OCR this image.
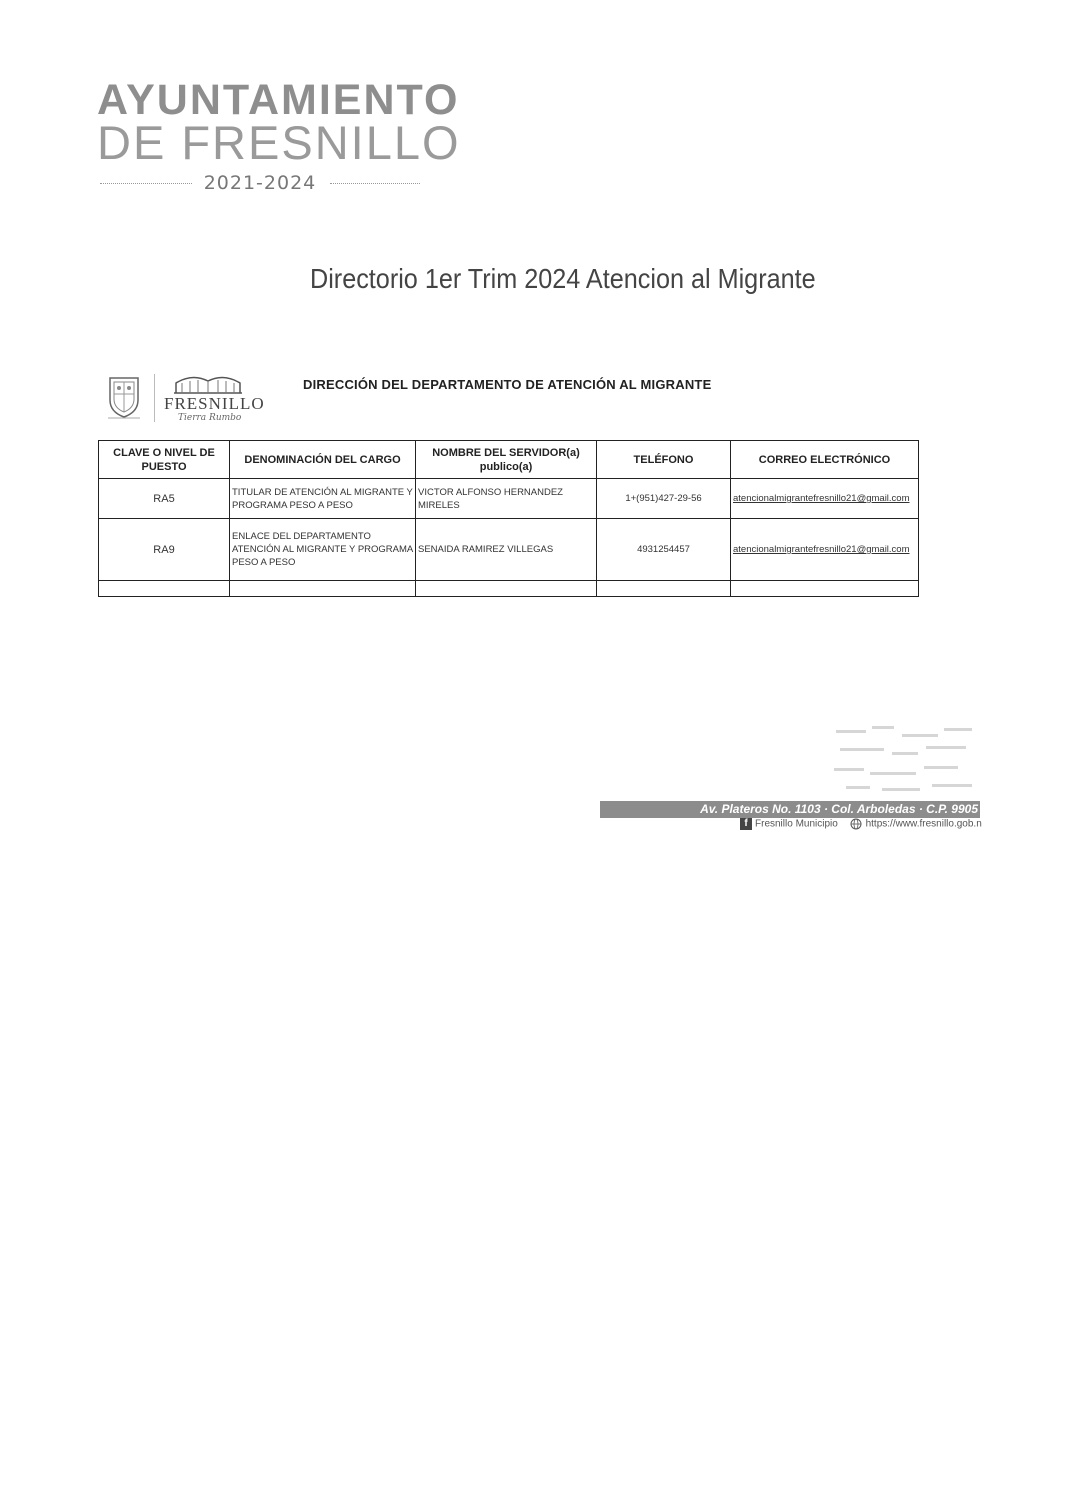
AYUNTAMIENTO
DE FRESNILLO
2021-2024
Directorio 1er Trim 2024 Atencion al Migrante
FRESNILLO
Tierra Rumbo
DIRECCIÓN DEL DEPARTAMENTO DE ATENCIÓN AL MIGRANTE
CLAVE O NIVEL DE PUESTO	DENOMINACIÓN DEL CARGO	NOMBRE DEL SERVIDOR(a) publico(a)	TELÉFONO	CORREO ELECTRÓNICO
RA5	TITULAR DE ATENCIÓN AL MIGRANTE Y PROGRAMA PESO A PESO	VICTOR ALFONSO HERNANDEZ MIRELES	1+(951)427-29-56	atencionalmigrantefresnillo21@gmail.com
RA9	ENLACE DEL DEPARTAMENTO ATENCIÓN AL MIGRANTE Y PROGRAMA PESO A PESO	SENAIDA RAMIREZ VILLEGAS	4931254457	atencionalmigrantefresnillo21@gmail.com

Av. Plateros No. 1103 · Col. Arboledas · C.P. 9905
f Fresnillo Municipio	https://www.fresnillo.gob.n
